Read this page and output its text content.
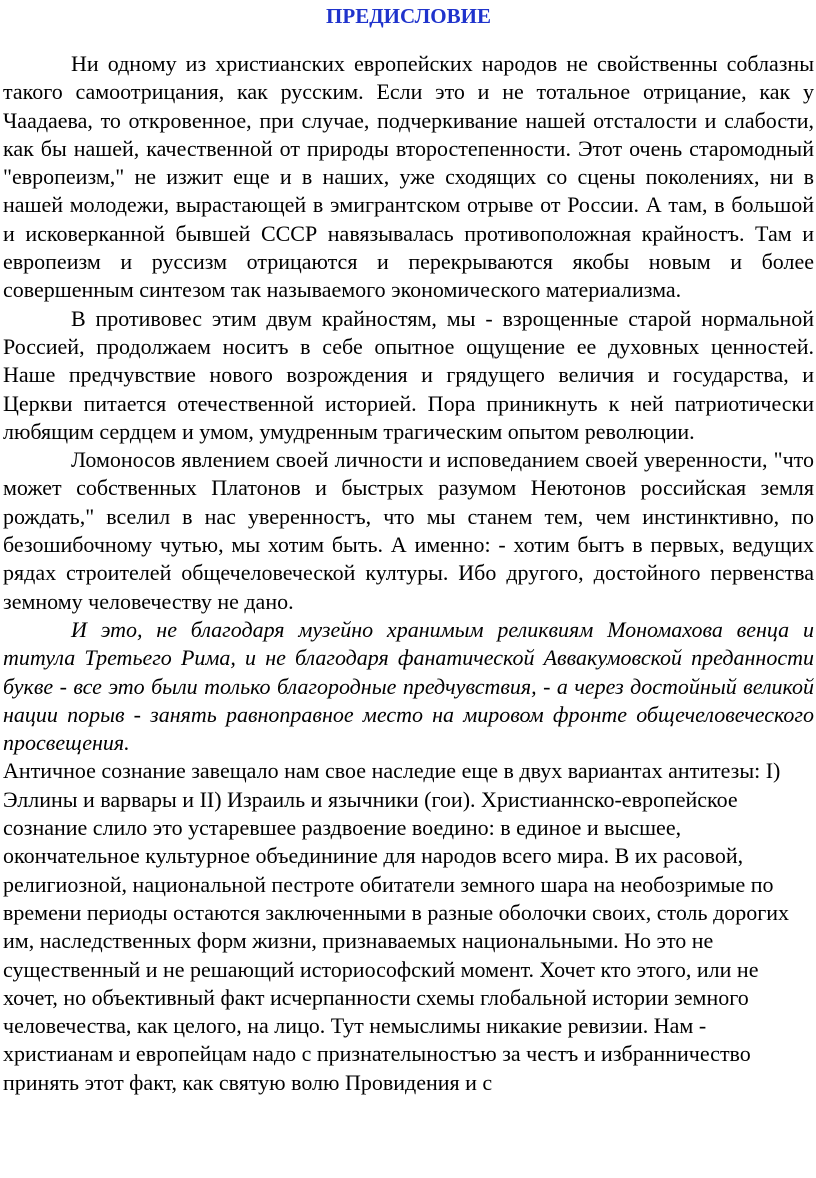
ПРЕДИСЛОВИЕ

Ни одному из христианских европейских народов не свойственны соблазны такого самоотрицания, как русским. Если это и не тотальное отрицание, как у Чаадаева, то откровенное, при случае, подчеркивание нашей отсталости и слабости, как бы нашей, качественной от природы второстепенности. Этот очень старомодный "европеизм," не изжит еще и в наших, уже сходящих со сцены поколениях, ни в нашей молодежи, вырастающей в эмигрантском отрыве от России. А там, в большой и исковерканной бывшей СССР навязывалась противоположная крайностъ. Там и европеизм и руссизм отрицаются и перекрываются якобы новым и более совершенным синтезом так называемого экономического материализма.

В противовес этим двум крайностям, мы - взрощенные старой нормальной Россией, продолжаем носитъ в себе опытное ощущение ее духовных ценностей. Наше предчувствие нового возрождения и грядущего величия и государства, и Церкви питается отечественной историей. Пора приникнуть к ней патриотически любящим сердцем и умом, умудренным трагическим опытом революции.

Ломоносов явлением своей личности и исповеданием своей уверенности, "что может собственных Платонов и быстрых разумом Неютонов российская земля рождать," вселил в нас уверенностъ, что мы станем тем, чем инстинктивно, по безошибочному чутью, мы хотим быть. А именно: - хотим бытъ в первых, ведущих рядах строителей общечеловеческой културы. Ибо другого, достойного первенства земному человечеству не дано.

И это, не благодаря музейно хранимым реликвиям Мономахова венца и титула Третьего Рима, и не благодаря фанатической Аввакумовской преданности букве - все это были только благородные предчувствия, - а через достойный великой нации порыв - занять равноправное место на мировом фронте общечеловеческого просвещения.

Античное сознание завещало нам свое наследие еще в двух вариантах антитезы: I) Эллины и варвары и II) Израиль и язычники (гои). Христианнско-европейское сознание слило это устаревшее раздвоение воедино: в единое и высшее, окончательное культурное объедининие для народов всего мира. В их расовой, религиозной, национальной пестроте обитатели земного шара на необозримые по времени периоды остаются заключенными в разные оболочки своих, столь дорогих им, наследственных форм жизни, признаваемых национальными. Но это не существенный и не решающий историософский момент. Хочет кто этого, или не хочет, но объективный факт исчерпанности схемы глобальной истории земного человечества, как целого, на лицо. Тут немыслимы никакие ревизии. Нам - христианам и европейцам надо с признателыностъю за честъ и избранничество принять этот факт, как святую волю Провидения и с
